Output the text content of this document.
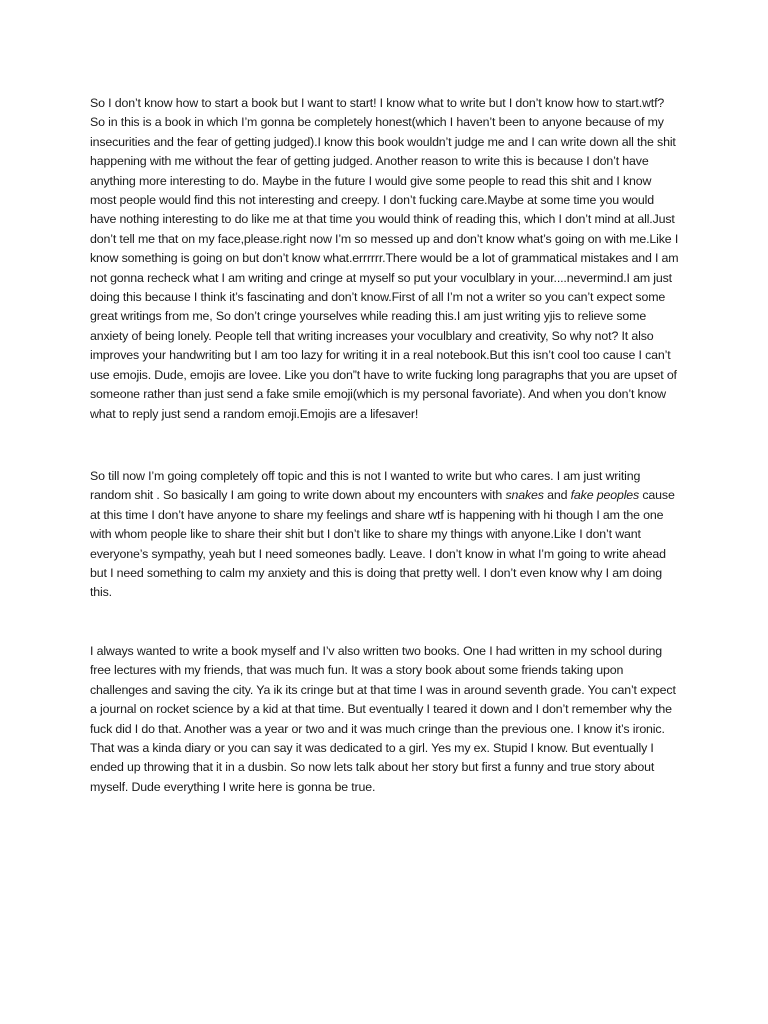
So I don’t know how to start a book but I want to start! I know what to write but I don’t know how to start.wtf? So in this is a book in which I’m gonna be completely honest(which I haven’t been to anyone because of my insecurities and the fear of getting judged).I know this book wouldn’t judge me and I can write down all the shit happening with me without the fear of getting judged. Another reason to write this is because I don’t have anything more interesting to do. Maybe in the future I would give some people to read this shit and I know most people would find this not interesting and creepy. I don’t fucking care.Maybe at some time you would have nothing interesting to do like me at that time you would think of reading this, which I don’t mind at all.Just don’t tell me that on my face,please.right now I’m so messed up and don’t know what’s going on with me.Like I know something is going on but don’t know what.errrrrr.There would be a lot of grammatical mistakes and I am not gonna recheck what I am writing and cringe at myself so put your voculblary in your....nevermind.I am just doing this because I think it’s fascinating and don’t know.First of all I’m not a writer so you can’t expect some great writings from me, So don’t cringe yourselves while reading this.I am just writing yjis to relieve some anxiety of being lonely. People tell that writing increases your voculblary and creativity, So why not? It also improves your handwriting but I am too lazy for writing it in a real notebook.But this isn’t cool too cause I can’t use emojis. Dude, emojis are lovee. Like you don”t have to write fucking long paragraphs that you are upset of someone rather than just send a fake smile emoji(which is my personal favoriate). And when you don’t know what to reply just send a random emoji.Emojis are a lifesaver!

So till now I’m going completely off topic and this is not I wanted to write but who cares. I am just writing random shit . So basically I am going to write down about my encounters with snakes and fake peoples cause at this time I don’t have anyone to share my feelings and share wtf is happening with hi though I am the one with whom people like to share their shit but I don’t like to share my things with anyone.Like I don’t want everyone’s sympathy, yeah but I need someones badly. Leave. I don’t know in what I’m going to write ahead but I need something to calm my anxiety and this is doing that pretty well. I don’t even know why I am doing this.

I always wanted to write a book myself and I’v also written two books. One I had written in my school during free lectures with my friends, that was much fun. It was a story book about some friends taking upon challenges and saving the city. Ya ik its cringe but at that time I was in around seventh grade. You can’t expect a journal on rocket science by a kid at that time. But eventually I teared it down and I don’t remember why the fuck did I do that. Another was a year or two and it was much cringe than the previous one. I know it’s ironic. That was a kinda diary or you can say it was dedicated to a girl. Yes my ex. Stupid I know. But eventually I ended up throwing that it in a dusbin. So now lets talk about her story but first a funny and true story about myself. Dude everything I write here is gonna be true.
